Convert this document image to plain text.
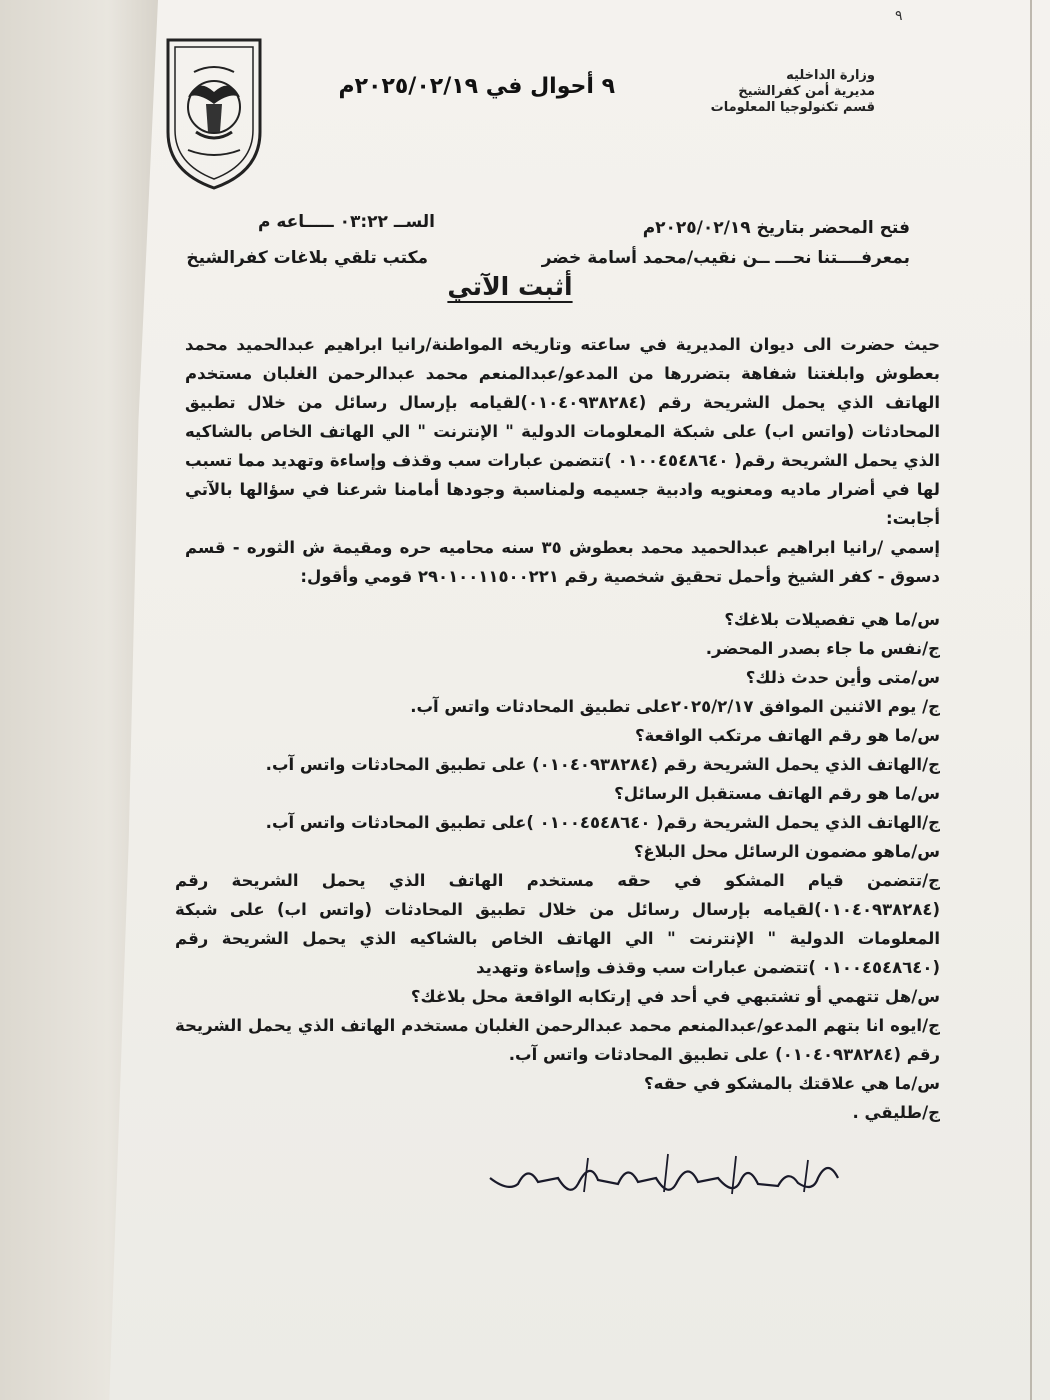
٩
وزارة الداخليه
مديرية أمن كفرالشيخ
قسم تكنولوجيا المعلومات
٩ أحوال في ٢٠٢٥/٠٢/١٩م
فتح المحضر بتاريخ ٢٠٢٥/٠٢/١٩م
الســ ٠٣:٢٢ ـــــاعه م
بمعرفــــتنا نحـــ ــن نقيب/محمد أسامة خضر
مكتب تلقي بلاغات كفرالشيخ
أثبت الآتي

حيث حضرت الى ديوان المديرية في ساعته وتاريخه المواطنة/رانيا ابراهيم عبدالحميد محمد بعطوش وابلغتنا شفاهة بتضررها من المدعو/عبدالمنعم محمد عبدالرحمن الغلبان مستخدم الهاتف الذي يحمل الشريحة رقم (٠١٠٤٠٩٣٨٢٨٤)لقيامه بإرسال رسائل من خلال تطبيق المحادثات (واتس اب) على شبكة المعلومات الدولية " الإنترنت " الي الهاتف الخاص بالشاكيه الذي يحمل الشريحة رقم( ٠١٠٠٤٥٤٨٦٤٠ )تتضمن عبارات سب وقذف وإساءة وتهديد مما تسبب لها في أضرار ماديه ومعنويه وادبية جسيمه ولمناسبة وجودها أمامنا شرعنا في سؤالها بالآتي أجابت:

إسمي /رانيا ابراهيم عبدالحميد محمد بعطوش ٣٥ سنه محاميه حره ومقيمة ش الثوره - قسم دسوق - كفر الشيخ وأحمل تحقيق شخصية رقم ٢٩٠١٠٠١١٥٠٠٢٢١ قومي وأقول:

س/ما هي تفصيلات بلاغك؟

ج/نفس ما جاء بصدر المحضر.

س/متى وأين حدث ذلك؟

ج/ يوم الاثنين الموافق ٢٠٢٥/٢/١٧على تطبيق المحادثات واتس آب.

س/ما هو رقم الهاتف مرتكب الواقعة؟

ج/الهاتف الذي يحمل الشريحة رقم (٠١٠٤٠٩٣٨٢٨٤) على تطبيق المحادثات واتس آب.

س/ما هو رقم الهاتف مستقبل الرسائل؟

ج/الهاتف الذي يحمل الشريحة رقم( ٠١٠٠٤٥٤٨٦٤٠ )على تطبيق المحادثات واتس آب.

س/ماهو مضمون الرسائل محل البلاغ؟

ج/تتضمن قيام المشكو في حقه مستخدم الهاتف الذي يحمل الشريحة رقم (٠١٠٤٠٩٣٨٢٨٤)لقيامه بإرسال رسائل من خلال تطبيق المحادثات (واتس اب) على شبكة المعلومات الدولية " الإنترنت " الي الهاتف الخاص بالشاكيه الذي يحمل الشريحة رقم (٠١٠٠٤٥٤٨٦٤٠ )تتضمن عبارات سب وقذف وإساءة وتهديد

س/هل تتهمي أو تشتبهي في أحد في إرتكابه الواقعة محل بلاغك؟

ج/ايوه انا بتهم المدعو/عبدالمنعم محمد عبدالرحمن الغلبان مستخدم الهاتف الذي يحمل الشريحة رقم (٠١٠٤٠٩٣٨٢٨٤) على تطبيق المحادثات واتس آب.

س/ما هي علاقتك بالمشكو في حقه؟

ج/طليقي .
